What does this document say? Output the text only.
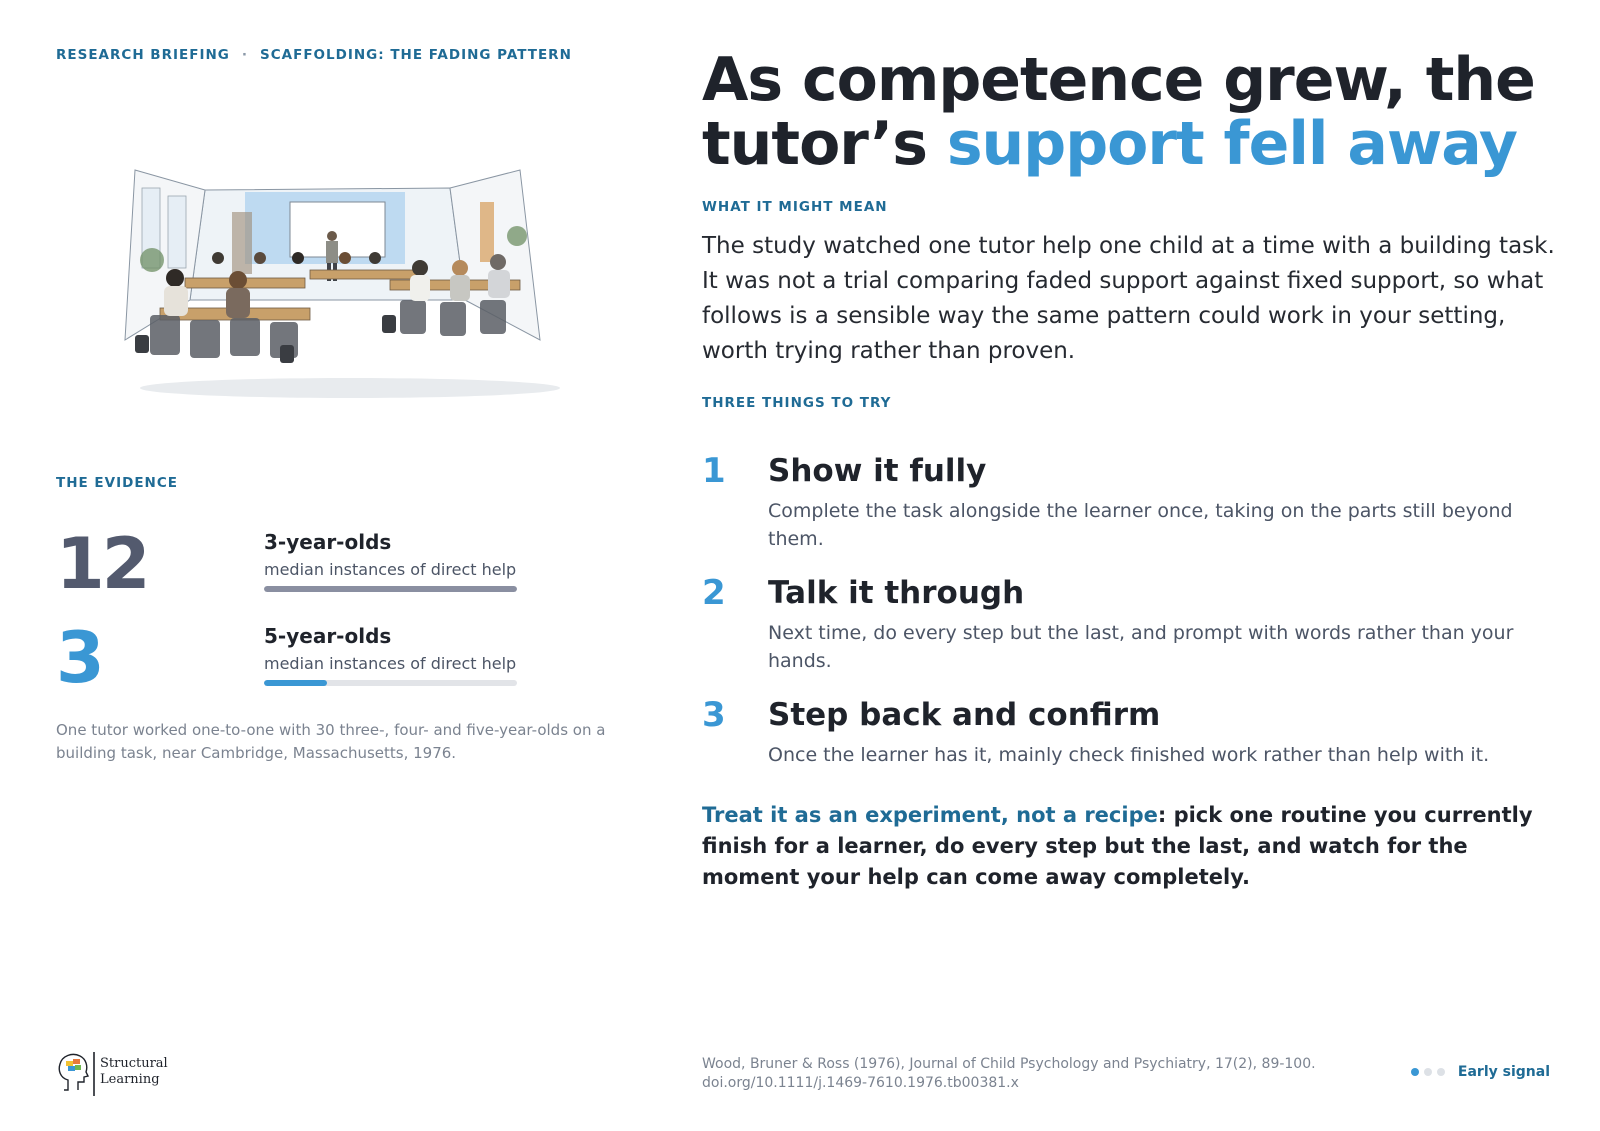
RESEARCH BRIEFING · SCAFFOLDING: THE FADING PATTERN
THE EVIDENCE
12	3-year-olds
median instances of direct help
3	5-year-olds
median instances of direct help
One tutor worked one-to-one with 30 three-, four- and five-year-olds on a building task, near Cambridge, Massachusetts, 1976.
As competence grew, the tutor’s support fell away
WHAT IT MIGHT MEAN

The study watched one tutor help one child at a time with a building task. It was not a trial comparing faded support against fixed support, so what follows is a sensible way the same pattern could work in your setting, worth trying rather than proven.

THREE THINGS TO TRY
1 Show it fully
Complete the task alongside the learner once, taking on the parts still beyond them.
2 Talk it through
Next time, do every step but the last, and prompt with words rather than your hands.
3 Step back and confirm
Once the learner has it, mainly check finished work rather than help with it.

Treat it as an experiment, not a recipe: pick one routine you currently finish for a learner, do every step but the last, and watch for the moment your help can come away completely.

Structural
Learning
Wood, Bruner & Ross (1976), Journal of Child Psychology and Psychiatry, 17(2), 89-100.
doi.org/10.1111/j.1469-7610.1976.tb00381.x
Early signal
